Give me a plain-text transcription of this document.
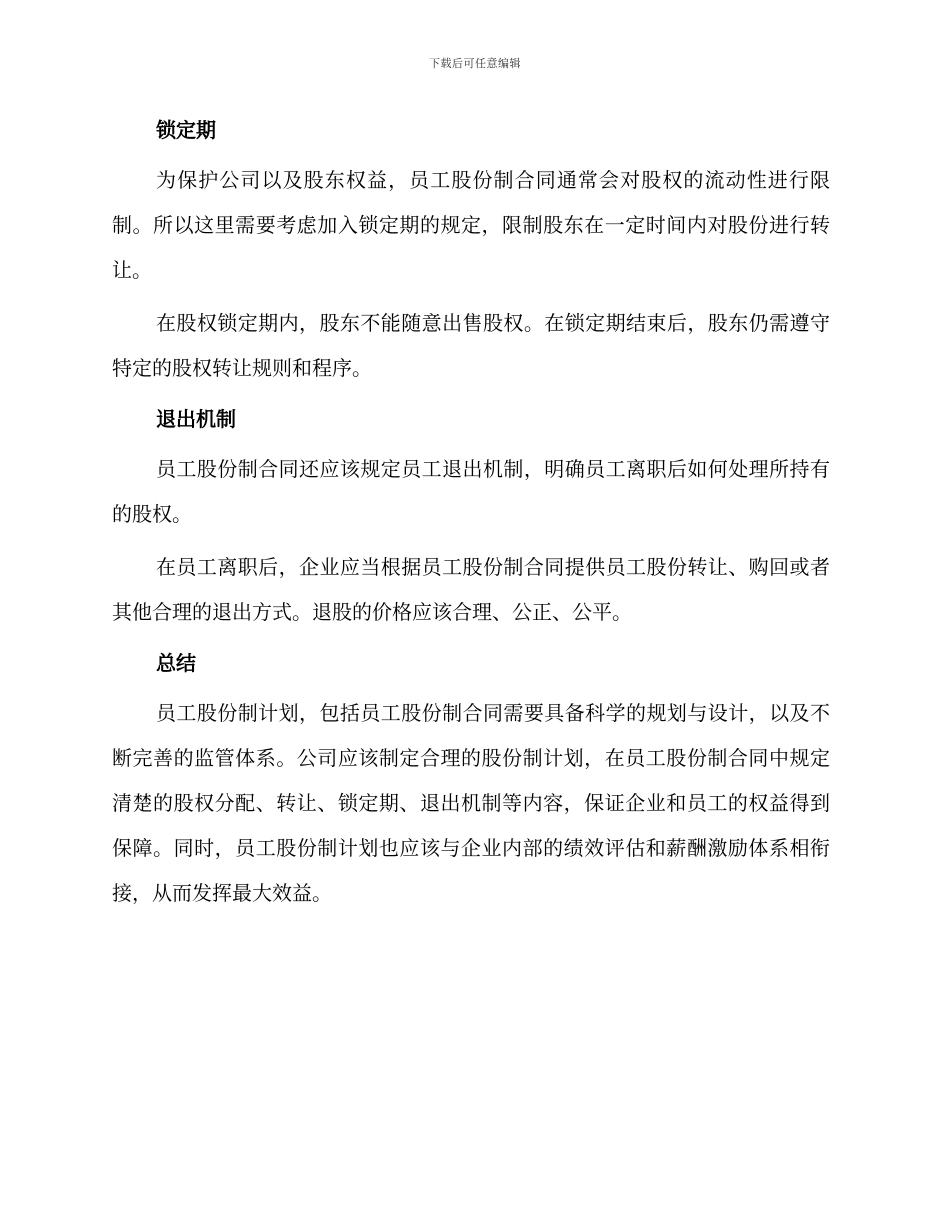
下载后可任意编辑
锁定期

为保护公司以及股东权益，员工股份制合同通常会对股权的流动性进行限制。所以这里需要考虑加入锁定期的规定，限制股东在一定时间内对股份进行转让。

在股权锁定期内，股东不能随意出售股权。在锁定期结束后，股东仍需遵守特定的股权转让规则和程序。

退出机制

员工股份制合同还应该规定员工退出机制，明确员工离职后如何处理所持有的股权。

在员工离职后，企业应当根据员工股份制合同提供员工股份转让、购回或者其他合理的退出方式。退股的价格应该合理、公正、公平。

总结

员工股份制计划，包括员工股份制合同需要具备科学的规划与设计，以及不断完善的监管体系。公司应该制定合理的股份制计划，在员工股份制合同中规定清楚的股权分配、转让、锁定期、退出机制等内容，保证企业和员工的权益得到保障。同时，员工股份制计划也应该与企业内部的绩效评估和薪酬激励体系相衔接，从而发挥最大效益。
